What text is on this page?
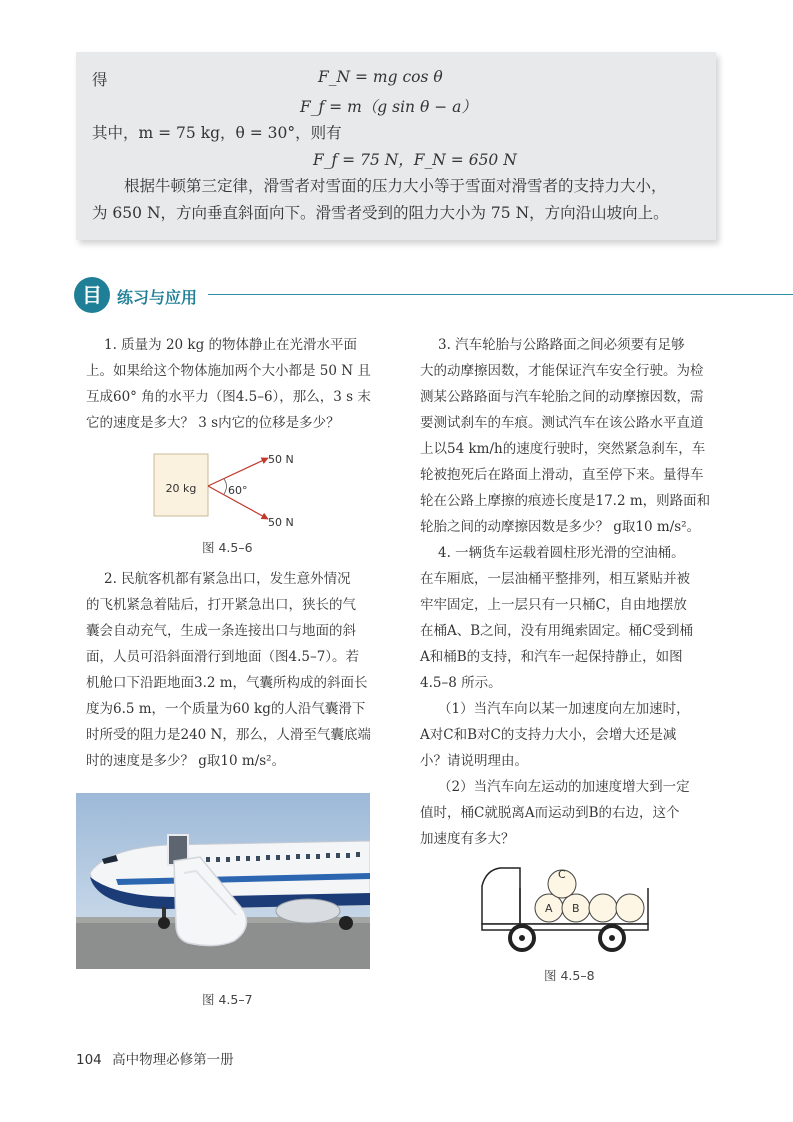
得	F_N = mg cos θ
F_f = m（g sin θ − a）
其中，m = 75 kg，θ = 30°，则有
F_f = 75 N，F_N = 650 N
根据牛顿第三定律，滑雪者对雪面的压力大小等于雪面对滑雪者的支持力大小，
为 650 N，方向垂直斜面向下。滑雪者受到的阻力大小为 75 N，方向沿山坡向上。
目 练习与应用
1. 质量为 20 kg 的物体静止在光滑水平面
上。如果给这个物体施加两个大小都是 50 N 且
互成60° 角的水平力（图4.5–6），那么，3 s 末
它的速度是多大？ 3 s内它的位移是多少？
20 kg	60°
50 N
50 N
图 4.5–6
2. 民航客机都有紧急出口，发生意外情况
的飞机紧急着陆后，打开紧急出口，狭长的气
囊会自动充气，生成一条连接出口与地面的斜
面，人员可沿斜面滑行到地面（图4.5–7）。若
机舱口下沿距地面3.2 m，气囊所构成的斜面长
度为6.5 m，一个质量为60 kg的人沿气囊滑下
时所受的阻力是240 N，那么，人滑至气囊底端
时的速度是多少？ g取10 m/s²。
图 4.5–7
3. 汽车轮胎与公路路面之间必须要有足够
大的动摩擦因数，才能保证汽车安全行驶。为检
测某公路路面与汽车轮胎之间的动摩擦因数，需
要测试刹车的车痕。测试汽车在该公路水平直道
上以54 km/h的速度行驶时，突然紧急刹车，车
轮被抱死后在路面上滑动，直至停下来。量得车
轮在公路上摩擦的痕迹长度是17.2 m，则路面和
轮胎之间的动摩擦因数是多少？ g取10 m/s²。
4. 一辆货车运载着圆柱形光滑的空油桶。
在车厢底，一层油桶平整排列，相互紧贴并被
牢牢固定，上一层只有一只桶C，自由地摆放
在桶A、B之间，没有用绳索固定。桶C受到桶
A和桶B的支持，和汽车一起保持静止，如图
4.5–8 所示。
（1）当汽车向以某一加速度向左加速时，
A对C和B对C的支持力大小，会增大还是减
小？请说明理由。
（2）当汽车向左运动的加速度增大到一定
值时，桶C就脱离A而运动到B的右边，这个
加速度有多大？
A B
C
图 4.5–8
104 高中物理必修第一册
